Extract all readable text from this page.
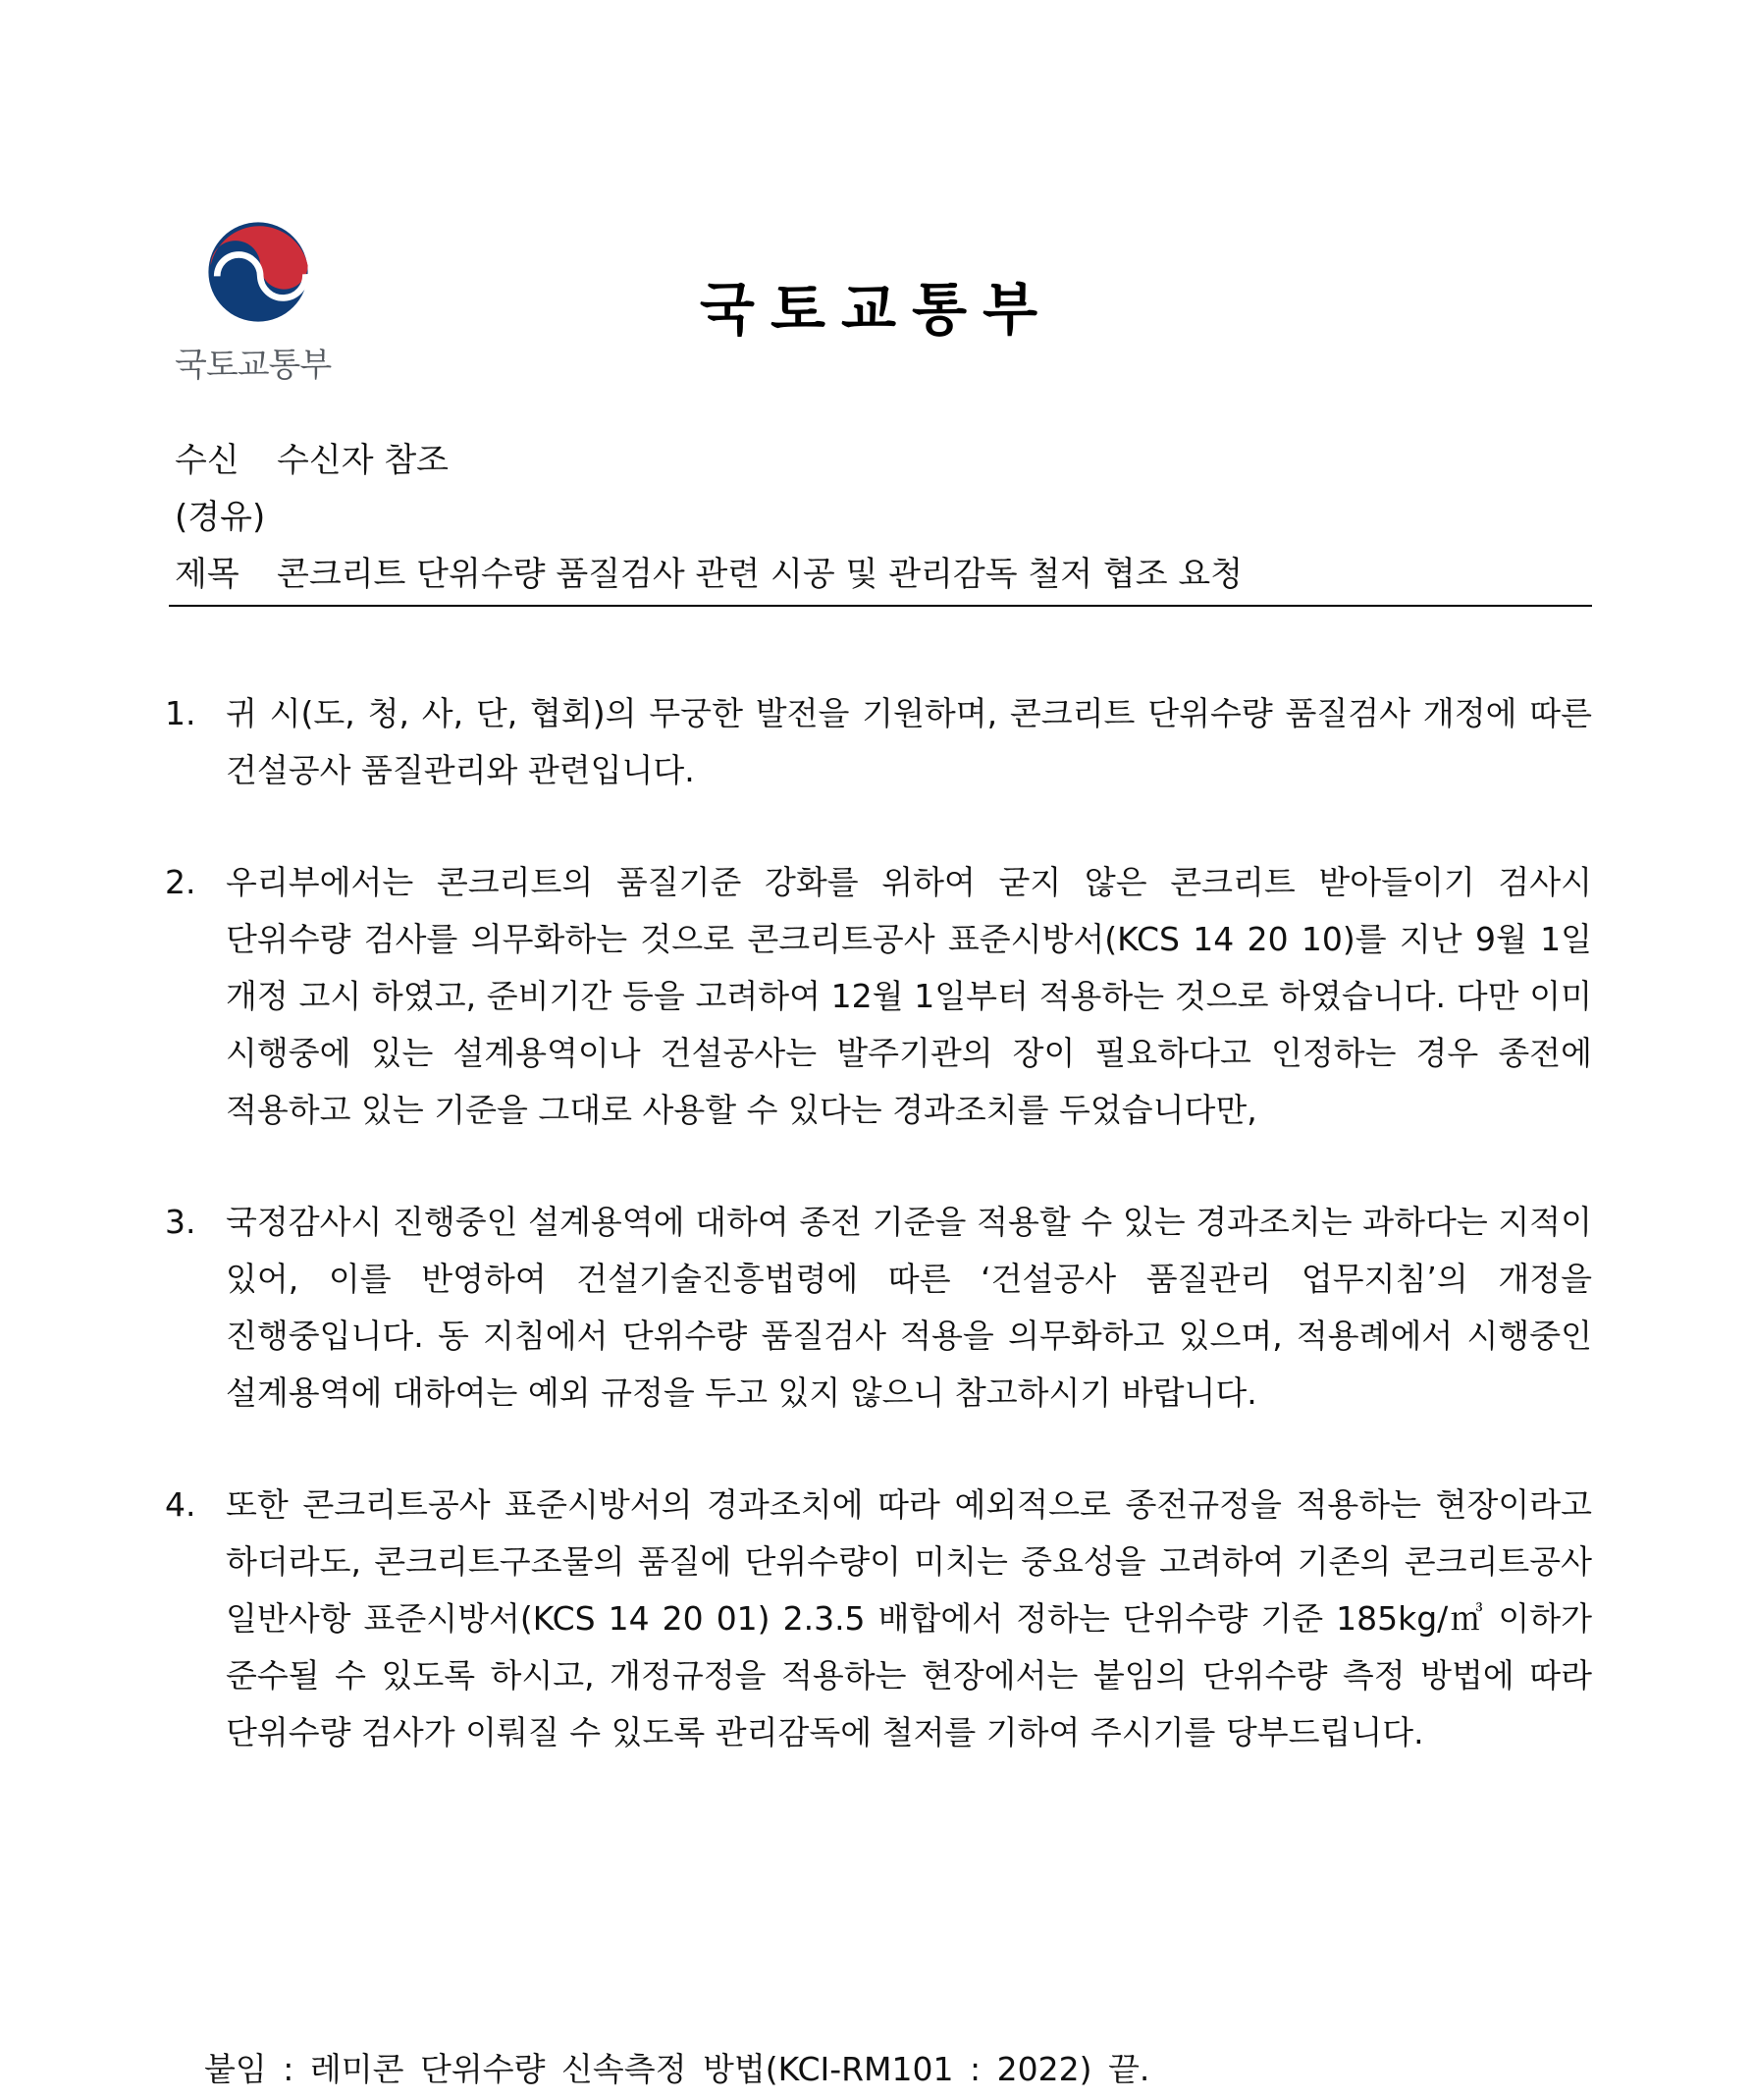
국토교통부
국토교통부
수신 수신자 참조
(경유)
제목 콘크리트 단위수량 품질검사 관련 시공 및 관리감독 철저 협조 요청
1. 귀 시(도, 청, 사, 단, 협회)의 무궁한 발전을 기원하며, 콘크리트 단위수량 품질검사 개정에 따른 건설공사 품질관리와 관련입니다.
2. 우리부에서는 콘크리트의 품질기준 강화를 위하여 굳지 않은 콘크리트 받아들이기 검사시 단위수량 검사를 의무화하는 것으로 콘크리트공사 표준시방서(KCS 14 20 10)를 지난 9월 1일 개정 고시 하였고, 준비기간 등을 고려하여 12월 1일부터 적용하는 것으로 하였습니다. 다만 이미 시행중에 있는 설계용역이나 건설공사는 발주기관의 장이 필요하다고 인정하는 경우 종전에 적용하고 있는 기준을 그대로 사용할 수 있다는 경과조치를 두었습니다만,
3. 국정감사시 진행중인 설계용역에 대하여 종전 기준을 적용할 수 있는 경과조치는 과하다는 지적이 있어, 이를 반영하여 건설기술진흥법령에 따른 ‘건설공사 품질관리 업무지침’의 개정을 진행중입니다. 동 지침에서 단위수량 품질검사 적용을 의무화하고 있으며, 적용례에서 시행중인 설계용역에 대하여는 예외 규정을 두고 있지 않으니 참고하시기 바랍니다.
4. 또한 콘크리트공사 표준시방서의 경과조치에 따라 예외적으로 종전규정을 적용하는 현장이라고 하더라도, 콘크리트구조물의 품질에 단위수량이 미치는 중요성을 고려하여 기존의 콘크리트공사 일반사항 표준시방서(KCS 14 20 01) 2.3.5 배합에서 정하는 단위수량 기준 185kg/㎥ 이하가 준수될 수 있도록 하시고, 개정규정을 적용하는 현장에서는 붙임의 단위수량 측정 방법에 따라 단위수량 검사가 이뤄질 수 있도록 관리감독에 철저를 기하여 주시기를 당부드립니다.
붙임 : 레미콘 단위수량 신속측정 방법(KCI-RM101 : 2022) 끝.
